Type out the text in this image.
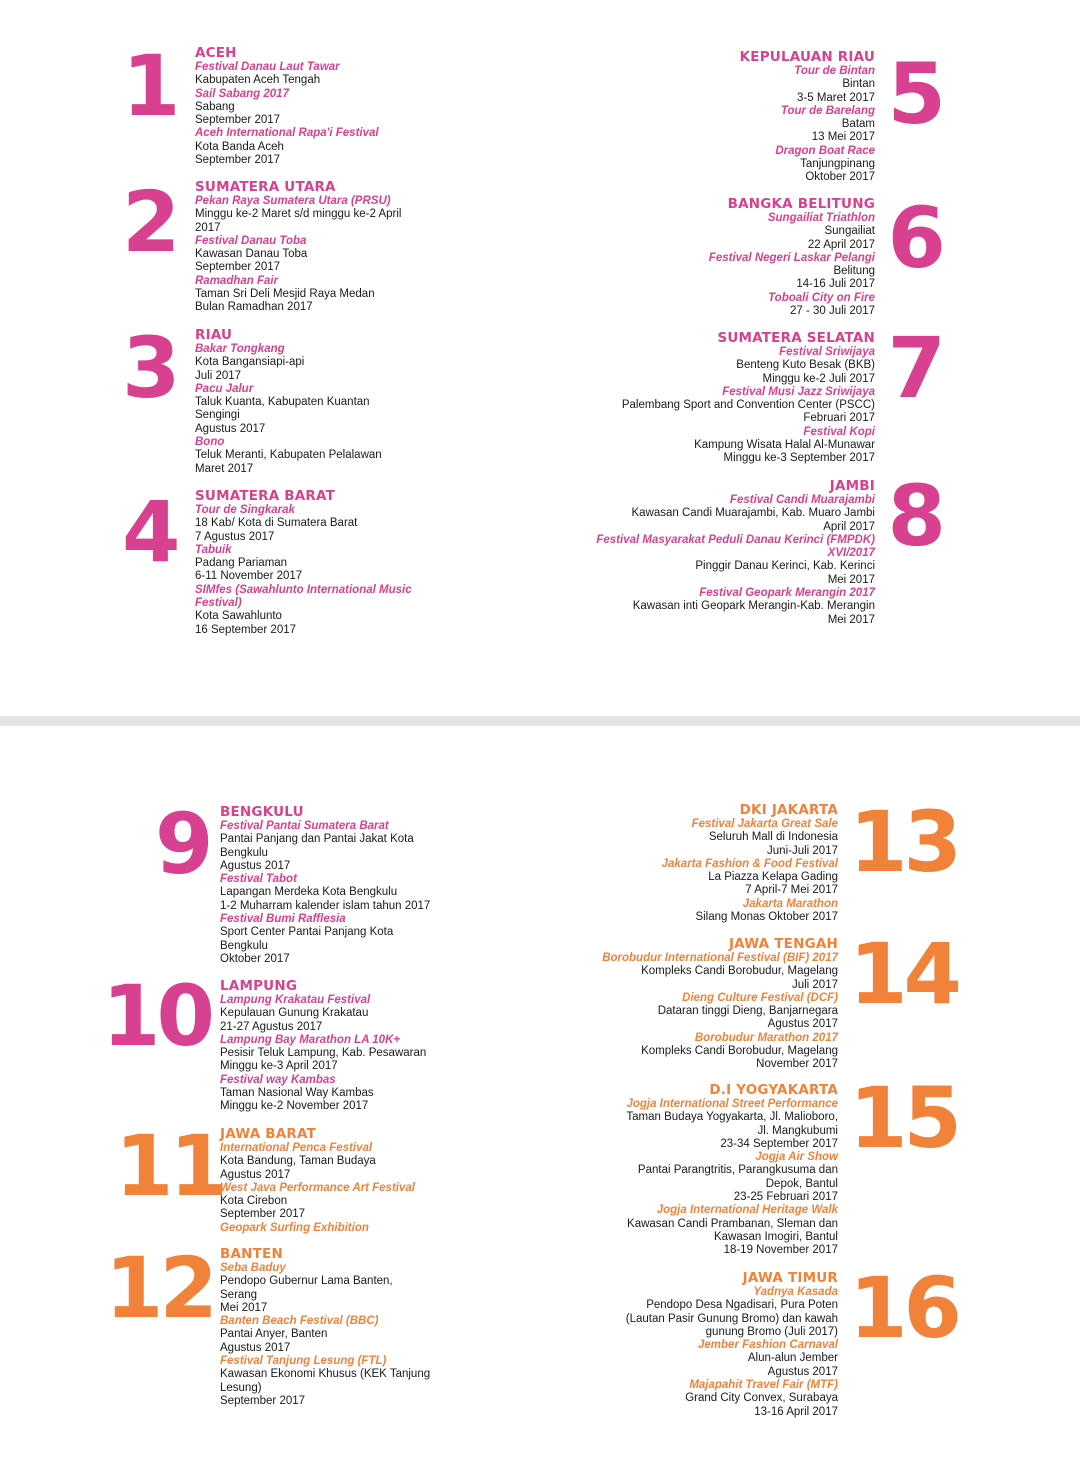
1 ACEH
Festival Danau Laut Tawar
Kabupaten Aceh Tengah
Sail Sabang 2017
Sabang
September 2017
Aceh International Rapa'i Festival
Kota Banda Aceh
September 2017
2 SUMATERA UTARA
Pekan Raya Sumatera Utara (PRSU)
Minggu ke-2 Maret s/d minggu ke-2 April
2017
Festival Danau Toba
Kawasan Danau Toba
September 2017
Ramadhan Fair
Taman Sri Deli Mesjid Raya Medan
Bulan Ramadhan 2017
3 RIAU
Bakar Tongkang
Kota Bangansiapi-api
Juli 2017
Pacu Jalur
Taluk Kuanta, Kabupaten Kuantan
Sengingi
Agustus 2017
Bono
Teluk Meranti, Kabupaten Pelalawan
Maret 2017
4 SUMATERA BARAT
Tour de Singkarak
18 Kab/ Kota di Sumatera Barat
7 Agustus 2017
Tabuik
Padang Pariaman
6-11 November 2017
SIMfes (Sawahlunto International Music Festival)
Kota Sawahlunto
16 September 2017
5
KEPULAUAN RIAU
Tour de Bintan
Bintan
3-5 Maret 2017
Tour de Barelang
Batam
13 Mei 2017
Dragon Boat Race
Tanjungpinang
Oktober 2017
6
BANGKA BELITUNG
Sungailiat Triathlon
Sungailiat
22 April 2017
Festival Negeri Laskar Pelangi
Belitung
14-16 Juli 2017
Toboali City on Fire
27 - 30 Juli 2017
7
SUMATERA SELATAN
Festival Sriwijaya
Benteng Kuto Besak (BKB)
Minggu ke-2 Juli 2017
Festival Musi Jazz Sriwijaya
Palembang Sport and Convention Center (PSCC)
Februari 2017
Festival Kopi
Kampung Wisata Halal Al-Munawar
Minggu ke-3 September 2017
8
JAMBI
Festival Candi Muarajambi
Kawasan Candi Muarajambi, Kab. Muaro Jambi
April 2017
Festival Masyarakat Peduli Danau Kerinci (FMPDK) XVI/2017
Pinggir Danau Kerinci, Kab. Kerinci
Mei 2017
Festival Geopark Merangin 2017
Kawasan inti Geopark Merangin-Kab. Merangin
Mei 2017
9 BENGKULU
Festival Pantai Sumatera Barat
Pantai Panjang dan Pantai Jakat Kota
Bengkulu
Agustus 2017
Festival Tabot
Lapangan Merdeka Kota Bengkulu
1-2 Muharram kalender islam tahun 2017
Festival Bumi Rafflesia
Sport Center Pantai Panjang Kota
Bengkulu
Oktober 2017
10 LAMPUNG
Lampung Krakatau Festival
Kepulauan Gunung Krakatau
21-27 Agustus 2017
Lampung Bay Marathon LA 10K+
Pesisir Teluk Lampung, Kab. Pesawaran
Minggu ke-3 April 2017
Festival way Kambas
Taman Nasional Way Kambas
Minggu ke-2 November 2017
11
JAWA BARAT
International Penca Festival
Kota Bandung, Taman Budaya
Agustus 2017
West Java Performance Art Festival
Kota Cirebon
September 2017
Geopark Surfing Exhibition
12 BANTEN
Seba Baduy
Pendopo Gubernur Lama Banten,
Serang
Mei 2017
Banten Beach Festival (BBC)
Pantai Anyer, Banten
Agustus 2017
Festival Tanjung Lesung (FTL)
Kawasan Ekonomi Khusus (KEK Tanjung
Lesung)
September 2017
13
DKI JAKARTA
Festival Jakarta Great Sale
Seluruh Mall di Indonesia
Juni-Juli 2017
Jakarta Fashion & Food Festival
La Piazza Kelapa Gading
7 April-7 Mei 2017
Jakarta Marathon
Silang Monas Oktober 2017
14
JAWA TENGAH
Borobudur International Festival (BIF) 2017
Kompleks Candi Borobudur, Magelang
Juli 2017
Dieng Culture Festival (DCF)
Dataran tinggi Dieng, Banjarnegara
Agustus 2017
Borobudur Marathon 2017
Kompleks Candi Borobudur, Magelang
November 2017
15
D.I YOGYAKARTA
Jogja International Street Performance
Taman Budaya Yogyakarta, Jl. Malioboro,
Jl. Mangkubumi
23-34 September 2017
Jogja Air Show
Pantai Parangtritis, Parangkusuma dan
Depok, Bantul
23-25 Februari 2017
Jogja International Heritage Walk
Kawasan Candi Prambanan, Sleman dan
Kawasan Imogiri, Bantul
18-19 November 2017
16
JAWA TIMUR
Yadnya Kasada
Pendopo Desa Ngadisari, Pura Poten
(Lautan Pasir Gunung Bromo) dan kawah
gunung Bromo (Juli 2017)
Jember Fashion Carnaval
Alun-alun Jember
Agustus 2017
Majapahit Travel Fair (MTF)
Grand City Convex, Surabaya
13-16 April 2017
